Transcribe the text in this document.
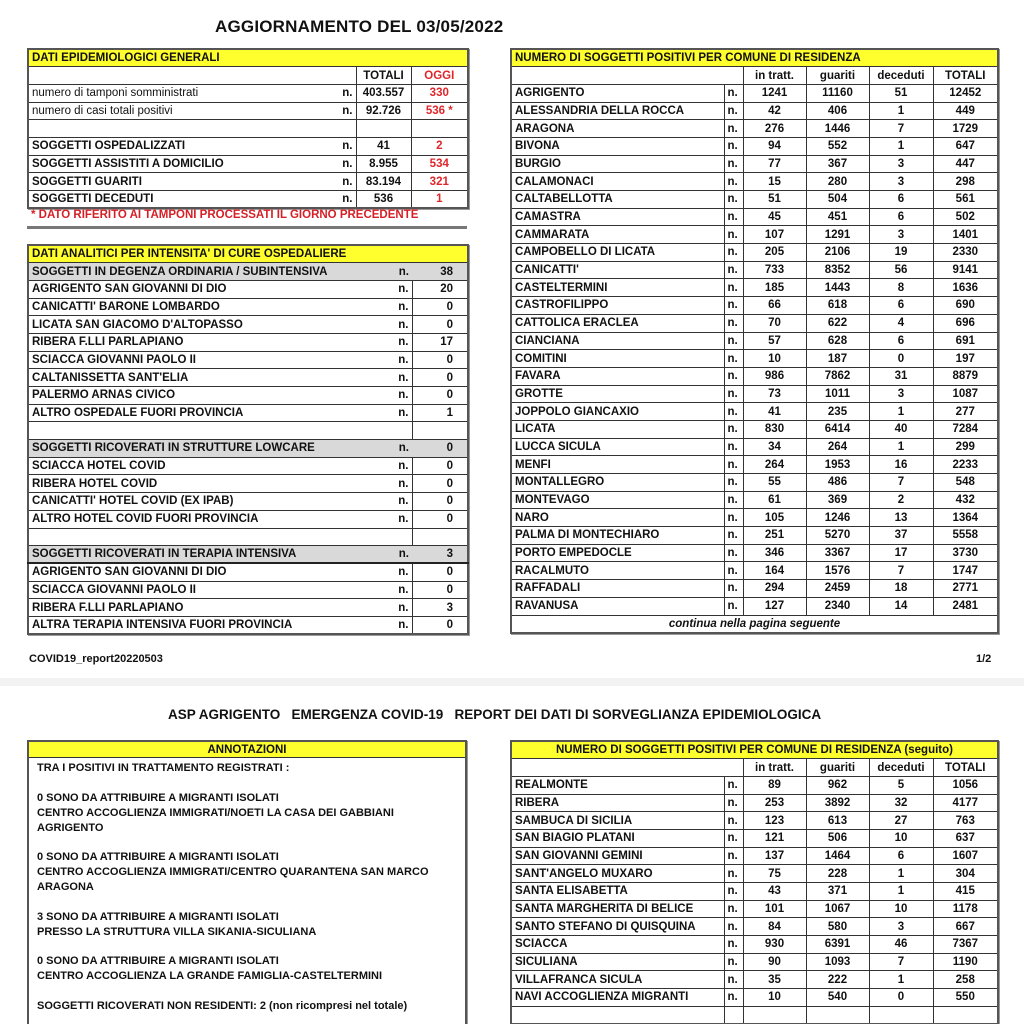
AGGIORNAMENTO DEL 03/05/2022
DATI EPIDEMIOLOGICI GENERALI		
	TOTALI	OGGI
numero di tamponi somministrati n.	403.557	330
numero di casi totali positivi n.	92.726	536 *

SOGGETTI OSPEDALIZZATI n.	41	2
SOGGETTI ASSISTITI A DOMICILIO n.	8.955	534
SOGGETTI GUARITI n.	83.194	321
SOGGETTI DECEDUTI n.	536	1
* DATO RIFERITO AI TAMPONI PROCESSATI IL GIORNO PRECEDENTE
DATI ANALITICI PER INTENSITA' DI CURE OSPEDALIERE		
SOGGETTI IN DEGENZA ORDINARIA / SUBINTENSIVA	n.	38
AGRIGENTO SAN GIOVANNI DI DIO	n.	20
CANICATTI' BARONE LOMBARDO	n.	0
LICATA SAN GIACOMO D'ALTOPASSO	n.	0
RIBERA F.LLI PARLAPIANO	n.	17
SCIACCA GIOVANNI PAOLO II	n.	0
CALTANISSETTA SANT'ELIA	n.	0
PALERMO ARNAS CIVICO	n.	0
ALTRO OSPEDALE FUORI PROVINCIA	n.	1

SOGGETTI RICOVERATI IN STRUTTURE LOWCARE	n.	0
SCIACCA HOTEL COVID	n.	0
RIBERA HOTEL COVID	n.	0
CANICATTI' HOTEL COVID (EX IPAB)	n.	0
ALTRO HOTEL COVID FUORI PROVINCIA	n.	0

SOGGETTI RICOVERATI IN TERAPIA INTENSIVA	n.	3
AGRIGENTO SAN GIOVANNI DI DIO	n.	0
SCIACCA GIOVANNI PAOLO II	n.	0
RIBERA F.LLI PARLAPIANO	n.	3
ALTRA TERAPIA INTENSIVA FUORI PROVINCIA	n.	0
NUMERO DI SOGGETTI POSITIVI PER COMUNE DI RESIDENZA					
		in tratt.	guariti	deceduti	TOTALI
AGRIGENTO	n.	1241	11160	51	12452
ALESSANDRIA DELLA ROCCA	n.	42	406	1	449
ARAGONA	n.	276	1446	7	1729
BIVONA	n.	94	552	1	647
BURGIO	n.	77	367	3	447
CALAMONACI	n.	15	280	3	298
CALTABELLOTTA	n.	51	504	6	561
CAMASTRA	n.	45	451	6	502
CAMMARATA	n.	107	1291	3	1401
CAMPOBELLO DI LICATA	n.	205	2106	19	2330
CANICATTI'	n.	733	8352	56	9141
CASTELTERMINI	n.	185	1443	8	1636
CASTROFILIPPO	n.	66	618	6	690
CATTOLICA ERACLEA	n.	70	622	4	696
CIANCIANA	n.	57	628	6	691
COMITINI	n.	10	187	0	197
FAVARA	n.	986	7862	31	8879
GROTTE	n.	73	1011	3	1087
JOPPOLO GIANCAXIO	n.	41	235	1	277
LICATA	n.	830	6414	40	7284
LUCCA SICULA	n.	34	264	1	299
MENFI	n.	264	1953	16	2233
MONTALLEGRO	n.	55	486	7	548
MONTEVAGO	n.	61	369	2	432
NARO	n.	105	1246	13	1364
PALMA DI MONTECHIARO	n.	251	5270	37	5558
PORTO EMPEDOCLE	n.	346	3367	17	3730
RACALMUTO	n.	164	1576	7	1747
RAFFADALI	n.	294	2459	18	2771
RAVANUSA	n.	127	2340	14	2481
continua nella pagina seguente					
COVID19_report20220503	1/2
ASP AGRIGENTO   EMERGENZA COVID-19   REPORT DEI DATI DI SORVEGLIANZA EPIDEMIOLOGICA
ANNOTAZIONI
TRA I POSITIVI IN TRATTAMENTO REGISTRATI :
0 SONO DA ATTRIBUIRE A MIGRANTI ISOLATI
CENTRO ACCOGLIENZA IMMIGRATI/NOETI LA CASA DEI GABBIANI AGRIGENTO
0 SONO DA ATTRIBUIRE A MIGRANTI ISOLATI
CENTRO ACCOGLIENZA IMMIGRATI/CENTRO QUARANTENA SAN MARCO
ARAGONA
3 SONO DA ATTRIBUIRE A MIGRANTI ISOLATI
PRESSO LA STRUTTURA VILLA SIKANIA-SICULIANA
0 SONO DA ATTRIBUIRE A MIGRANTI ISOLATI
CENTRO ACCOGLIENZA LA GRANDE FAMIGLIA-CASTELTERMINI
SOGGETTI RICOVERATI NON RESIDENTI: 2 (non ricompresi nel totale)
NUMERO DI SOGGETTI POSITIVI PER COMUNE DI RESIDENZA (seguito)					
		in tratt.	guariti	deceduti	TOTALI
REALMONTE	n.	89	962	5	1056
RIBERA	n.	253	3892	32	4177
SAMBUCA DI SICILIA	n.	123	613	27	763
SAN BIAGIO PLATANI	n.	121	506	10	637
SAN GIOVANNI GEMINI	n.	137	1464	6	1607
SANT'ANGELO MUXARO	n.	75	228	1	304
SANTA ELISABETTA	n.	43	371	1	415
SANTA MARGHERITA DI BELICE	n.	101	1067	10	1178
SANTO STEFANO DI QUISQUINA	n.	84	580	3	667
SCIACCA	n.	930	6391	46	7367
SICULIANA	n.	90	1093	7	1190
VILLAFRANCA SICULA	n.	35	222	1	258
NAVI ACCOGLIENZA MIGRANTI	n.	10	540	0	550
